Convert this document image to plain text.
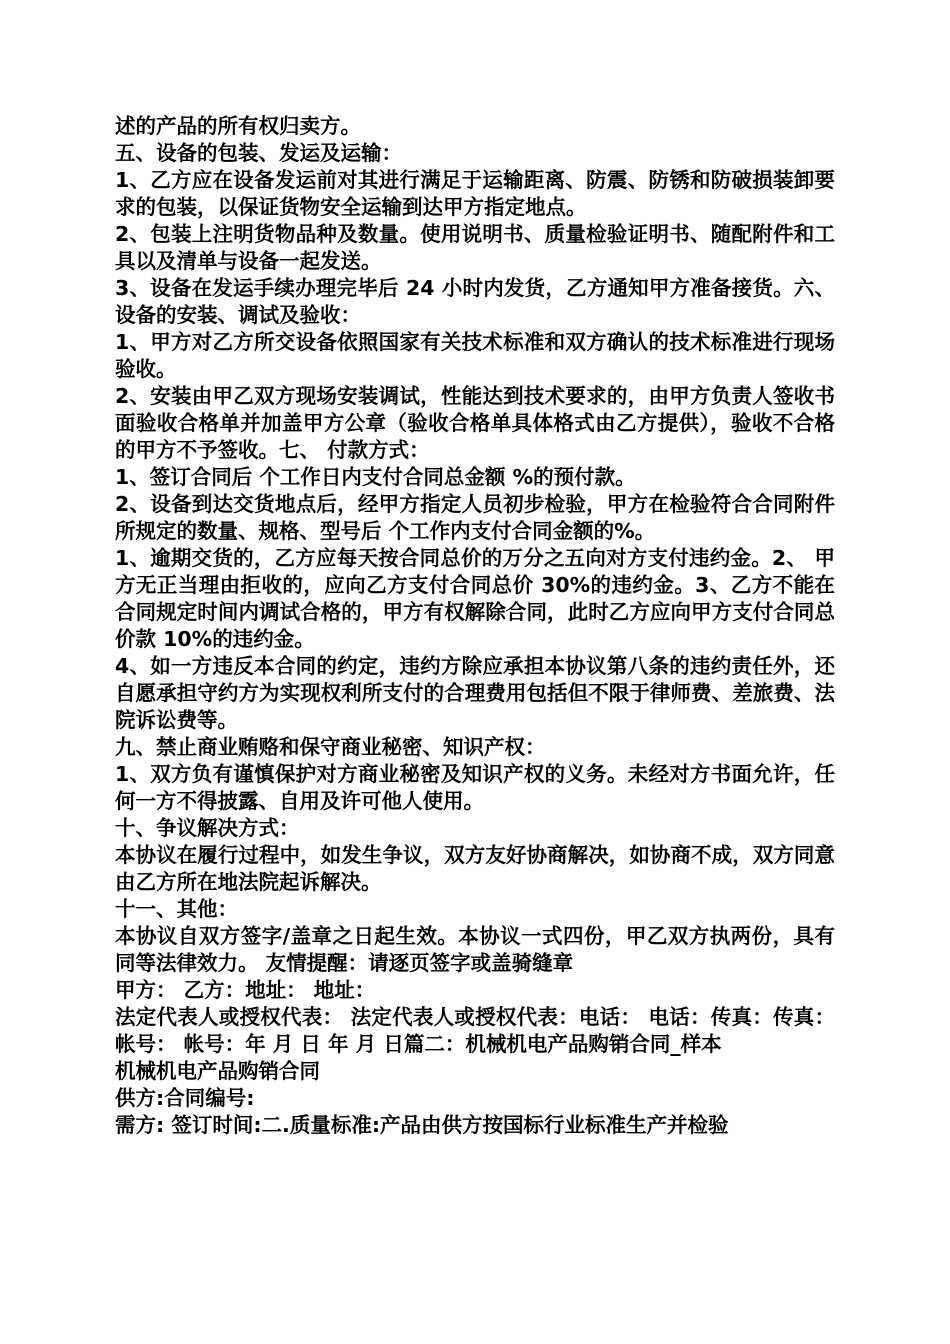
述的产品的所有权归卖方。

五、设备的包装、发运及运输：

1、乙方应在设备发运前对其进行满足于运输距离、防震、防锈和防破损装卸要求的包装，以保证货物安全运输到达甲方指定地点。

2、包装上注明货物品种及数量。使用说明书、质量检验证明书、随配附件和工具以及清单与设备一起发送。

3、设备在发运手续办理完毕后 24 小时内发货，乙方通知甲方准备接货。六、设备的安装、调试及验收：

1、甲方对乙方所交设备依照国家有关技术标准和双方确认的技术标准进行现场验收。

2、安装由甲乙双方现场安装调试，性能达到技术要求的，由甲方负责人签收书面验收合格单并加盖甲方公章（验收合格单具体格式由乙方提供），验收不合格的甲方不予签收。七、 付款方式：

1、签订合同后 个工作日内支付合同总金额 %的预付款。

2、设备到达交货地点后，经甲方指定人员初步检验，甲方在检验符合合同附件所规定的数量、规格、型号后 个工作内支付合同金额的%。

1、逾期交货的，乙方应每天按合同总价的万分之五向对方支付违约金。2、 甲方无正当理由拒收的，应向乙方支付合同总价 30%的违约金。3、乙方不能在合同规定时间内调试合格的，甲方有权解除合同，此时乙方应向甲方支付合同总价款 10%的违约金。

4、如一方违反本合同的约定，违约方除应承担本协议第八条的违约责任外，还自愿承担守约方为实现权利所支付的合理费用包括但不限于律师费、差旅费、法院诉讼费等。

九、禁止商业贿赂和保守商业秘密、知识产权：

1、双方负有谨慎保护对方商业秘密及知识产权的义务。未经对方书面允许，任何一方不得披露、自用及许可他人使用。

十、争议解决方式：

本协议在履行过程中，如发生争议，双方友好协商解决，如协商不成，双方同意由乙方所在地法院起诉解决。

十一、其他：

本协议自双方签字/盖章之日起生效。本协议一式四份，甲乙双方执两份，具有同等法律效力。 友情提醒：请逐页签字或盖骑缝章

甲方： 乙方：地址： 地址：

法定代表人或授权代表： 法定代表人或授权代表：电话： 电话：传真：传真：帐号： 帐号：年 月 日 年 月 日篇二：机械机电产品购销合同_样本

机械机电产品购销合同

供方:合同编号:

需方: 签订时间:二.质量标准:产品由供方按国标行业标准生产并检验
